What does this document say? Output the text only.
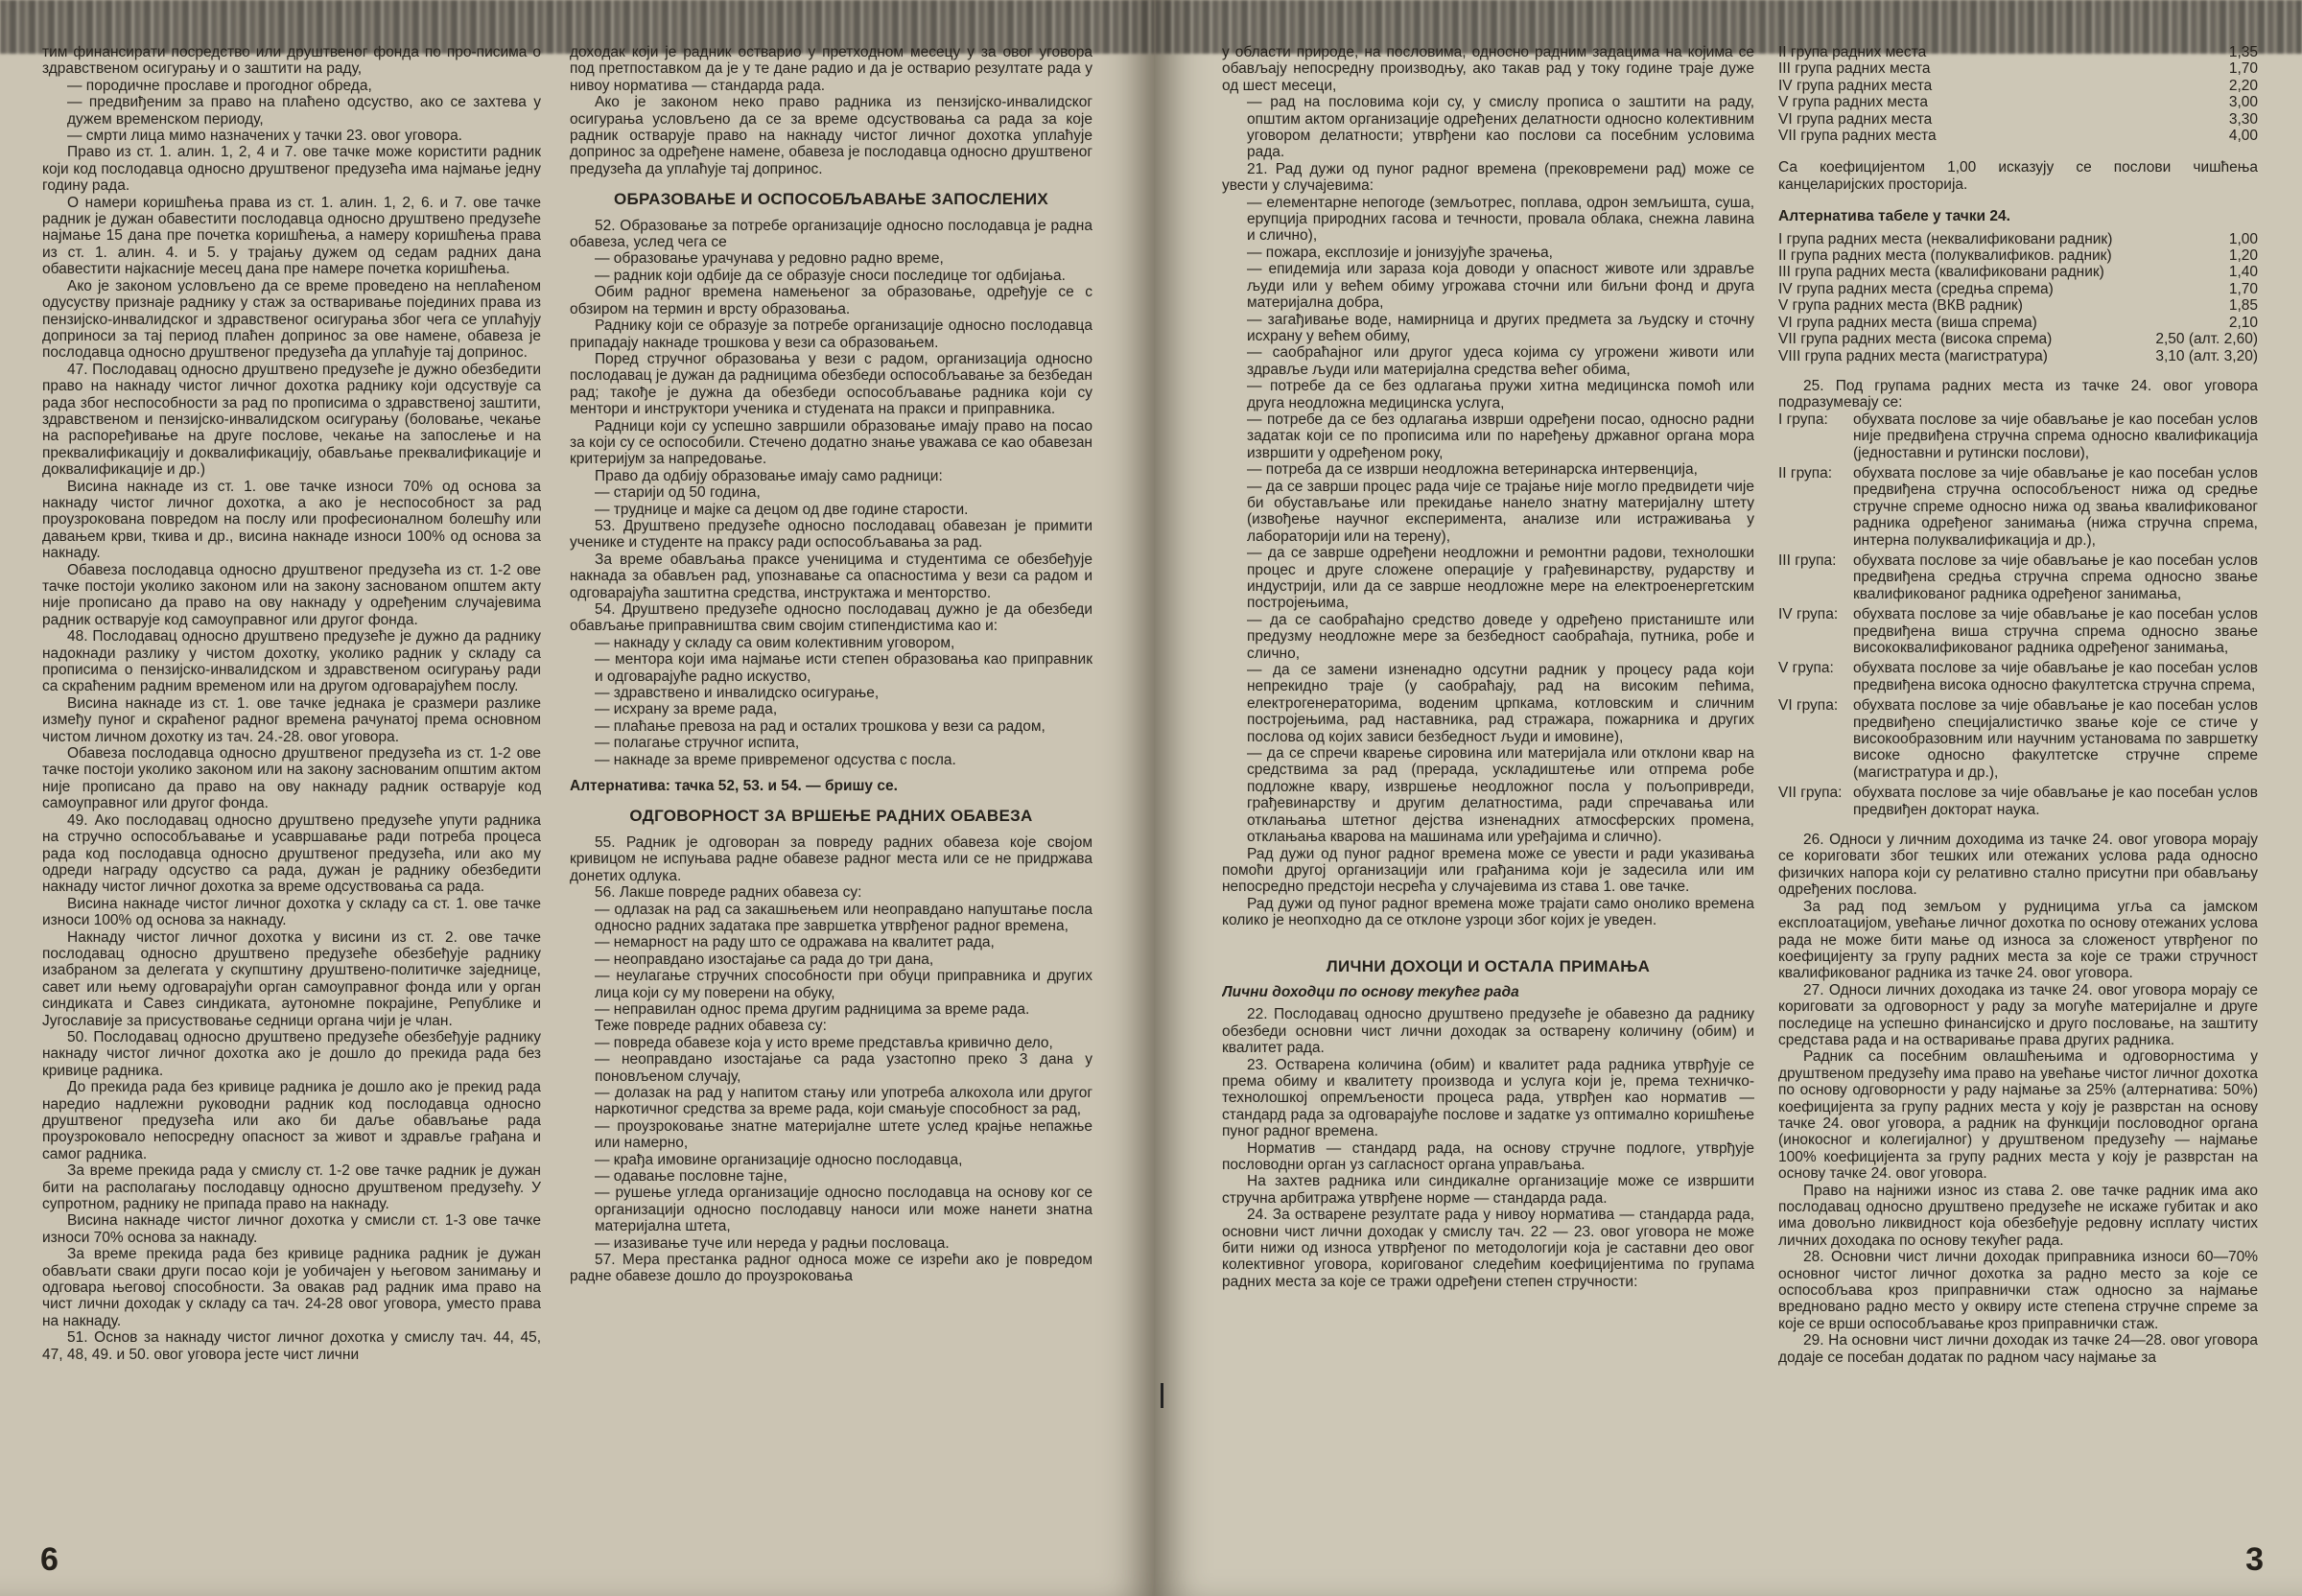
тим финансирати посредство или друштвеног фонда по про-писима о здравственом осигурању и о заштити на раду,

— породичне прославе и прогодног обреда,

— предвиђеним за право на плаћено одсуство, ако се захтева у дужем временском периоду,

— смрти лица мимо назначених у тачки 23. овог уговора.

Право из ст. 1. алин. 1, 2, 4 и 7. ове тачке може користити радник који код послодавца односно друштвеног предузећа има најмање једну годину рада.

О намери коришћења права из ст. 1. алин. 1, 2, 6. и 7. ове тачке радник је дужан обавестити послодавца односно друштвено предузеће најмање 15 дана пре почетка коришћења, а намеру коришћења права из ст. 1. алин. 4. и 5. у трајању дужем од седам радних дана обавестити најкасније месец дана пре намере почетка коришћења.

Ако је законом условљено да се време проведено на неплаћеном одусуству признаје раднику у стаж за остваривање појединих права из пензијско-инвалидског и здравственог осигурања због чега се уплаћују доприноси за тај период плаћен допринос за ове намене, обавеза је послодавца односно друштвеног предузећа да уплаћује тај допринос.

47. Послодавац односно друштвено предузеће је дужно обезбедити право на накнаду чистог личног дохотка раднику који одсуствује са рада због неспособности за рад по прописима о здравственој заштити, здравственом и пензијско-инвалидском осигурању (боловање, чекање на распоређивање на друге послове, чекање на запослење и на преквалификацију и доквалификацију, обављање преквалификације и доквалификације и др.)

Висина накнаде из ст. 1. ове тачке износи 70% од основа за накнаду чистог личног дохотка, а ако је неспособност за рад проузрокована повредом на послу или професионалном болешћу или давањем крви, ткива и др., висина накнаде износи 100% од основа за накнаду.

Обавеза послодавца односно друштвеног предузећа из ст. 1-2 ове тачке постоји уколико законом или на закону заснованом општем акту није прописано да право на ову накнаду у одређеним случајевима радник остварује код самоуправног или другог фонда.

48. Послодавац односно друштвено предузеће је дужно да раднику надокнади разлику у чистом дохотку, уколико радник у складу са прописима о пензијско-инвалидском и здравственом осигурању ради са скраћеним радним временом или на другом одговарајућем послу.

Висина накнаде из ст. 1. ове тачке једнака је сразмери разлике између пуног и скраћеног радног времена рачунатој према основном чистом личном дохотку из тач. 24.-28. овог уговора.

Обавеза послодавца односно друштвеног предузећа из ст. 1-2 ове тачке постоји уколико законом или на закону заснованим општим актом није прописано да право на ову накнаду радник остварује код самоуправног или другог фонда.

49. Ако послодавац односно друштвено предузеће упути радника на стручно оспособљавање и усавршавање ради потреба процеса рада код послодавца односно друштвеног предузећа, или ако му одреди награду одсуство са рада, дужан је раднику обезбедити накнаду чистог личног дохотка за време одсуствовања са рада.

Висина накнаде чистог личног дохотка у складу са ст. 1. ове тачке износи 100% од основа за накнаду.

Накнаду чистог личног дохотка у висини из ст. 2. ове тачке послодавац односно друштвено предузеће обезбеђује раднику изабраном за делегата у скупштину друштвено-политичке заједнице, савет или њему одговарајући орган самоуправног фонда или у орган синдиката и Савез синдиката, аутономне покрајине, Републике и Југославије за присуствовање седници органа чији је члан.

50. Послодавац односно друштвено предузеће обезбеђује раднику накнаду чистог личног дохотка ако је дошло до прекида рада без кривице радника.

До прекида рада без кривице радника је дошло ако је прекид рада наредио надлежни руководни радник код послодавца односно друштвеног предузећа или ако би даље обављање рада проузроковало непосредну опасност за живот и здравље грађана и самог радника.

За време прекида рада у смислу ст. 1-2 ове тачке радник је дужан бити на располагању послодавцу односно друштвеном предузећу. У супротном, раднику не припада право на накнаду.

Висина накнаде чистог личног дохотка у смисли ст. 1-3 ове тачке износи 70% основа за накнаду.

За време прекида рада без кривице радника радник је дужан обављати сваки други посао који је уобичајен у његовом занимању и одговара његовој способности. За овакав рад радник има право на чист лични доходак у складу са тач. 24-28 овог уговора, уместо права на накнаду.

51. Основ за накнаду чистог личног дохотка у смислу тач. 44, 45, 47, 48, 49. и 50. овог уговора јесте чист лични

доходак који је радник остварио у претходном месецу у за овог уговора под претпоставком да је у те дане радио и да је остварио резултате рада у нивоу норматива — стандарда рада.

Ако је законом неко право радника из пензијско-инвалидског осигурања условљено да се за време одсуствовања са рада за које радник остварује право на накнаду чистог личног дохотка уплаћује допринос за одређене намене, обавеза је послодавца односно друштвеног предузећа да уплаћује тај допринос.

ОБРАЗОВАЊЕ И ОСПОСОБЉАВАЊЕ ЗАПОСЛЕНИХ

52. Образовање за потребе организације односно послодавца је радна обавеза, услед чега се

— образовање урачунава у редовно радно време,

— радник који одбије да се образује сноси последице тог одбијања.

Обим радног времена намењеног за образовање, одређује се с обзиром на термин и врсту образовања.

Раднику који се образује за потребе организације односно послодавца припадају накнаде трошкова у вези са образовањем.

Поред стручног образовања у вези с радом, организација односно послодавац је дужан да радницима обезбеди оспособљавање за безбедан рад; такође је дужна да обезбеди оспособљавање радника који су ментори и инструктори ученика и студената на пракси и приправника.

Радници који су успешно завршили образовање имају право на посао за који су се оспособили. Стечено додатно знање уважава се као обавезан критеријум за напредовање.

Право да одбију образовање имају само радници:

— старији од 50 година,

— труднице и мајке са децом од две године старости.

53. Друштвено предузеће односно послодавац обавезан је примити ученике и студенте на праксу ради оспособљавања за рад.

За време обављања праксе ученицима и студентима се обезбеђује накнада за обављен рад, упознавање са опасностима у вези са радом и одговарајућа заштитна средства, инструктажа и менторство.

54. Друштвено предузеће односно послодавац дужно је да обезбеди обављање приправништва свим својим стипендистима као и:

— накнаду у складу са овим колективним уговором,

— ментора који има најмање исти степен образовања као приправник и одговарајуће радно искуство,

— здравствено и инвалидско осигурање,

— исхрану за време рада,

— плаћање превоза на рад и осталих трошкова у вези са радом,

— полагање стручног испита,

— накнаде за време привременог одсуства с посла.

Алтернатива: тачка 52, 53. и 54. — бришу се.

ОДГОВОРНОСТ ЗА ВРШЕЊЕ РАДНИХ ОБАВЕЗА

55. Радник је одговоран за повреду радних обавеза које својом кривицом не испуњава радне обавезе радног места или се не придржава донетих одлука.

56. Лакше повреде радних обавеза су:

— одлазак на рад са закашњењем или неоправдано напуштање посла односно радних задатака пре завршетка утврђеног радног времена,

— немарност на раду што се одражава на квалитет рада,

— неоправдано изостајање са рада до три дана,

— неулагање стручних способности при обуци приправника и других лица који су му поверени на обуку,

— неправилан однос према другим радницима за време рада.

Теже повреде радних обавеза су:

— повреда обавезе која у исто време представља кривично дело,

— неоправдано изостајање са рада узастопно преко 3 дана у поновљеном случају,

— долазак на рад у напитом стању или употреба алкохола или другог наркотичног средства за време рада, који смањује способност за рад,

— проузроковање знатне материјалне штете услед крајње непажње или намерно,

— крађа имовине организације односно послодавца,

— одавање пословне тајне,

— рушење угледа организације односно послодавца на основу ког се организацији односно послодавцу наноси или може нанети знатна материјална штета,

— изазивање туче или нереда у радњи пословаца.

57. Мера престанка радног односа може се изрећи ако је повредом радне обавезе дошло до проузроковања

6

у области природе, на пословима, односно радним задацима на којима се обављају непосредну производњу, ако такав рад у току године траје дуже од шест месеци,

— рад на пословима који су, у смислу прописа о заштити на раду, општим актом организације одређених делатности односно колективним уговором делатности; утврђени као послови са посебним условима рада.

21. Рад дужи од пуног радног времена (прековремени рад) може се увести у случајевима:

— елементарне непогоде (земљотрес, поплава, одрон земљишта, суша, ерупција природних гасова и течности, провала облака, снежна лавина и слично),

— пожара, експлозије и јонизујуће зрачења,

— епидемија или заразa која доводи у опасност животе или здравље људи или у већем обиму угрожава сточни или биљни фонд и друга материјална добра,

— загађивање воде, намирница и других предмета за људску и сточну исхрану у већем обиму,

— саобраћајног или другог удеса којима су угрожени животи или здравље људи или материјална средства већег обима,

— потребе да се без одлагања пружи хитна медицинска помоћ или друга неодложна медицинска услуга,

— потребе да се без одлагања изврши одређени посао, односно радни задатак који се по прописима или по наређењу државног органа мора извршити у одређеном року,

— потреба да се изврши неодложна ветеринарска интервенција,

— да се заврши процес рада чије се трајање није могло предвидети чије би обустављање или прекидање нанело знатну материјалну штету (извођење научног експеримента, анализе или истраживања у лабораторији или на терену),

— да се заврше одређени неодложни и ремонтни радови, технолошки процес и друге сложене операције у грађевинарству, рударству и индустрији, или да се заврше неодложне мере на електроенергетским постројењима,

— да се саобраћајно средство доведе у одређено пристаниште или предузму неодложне мере за безбедност саобраћаја, путника, робе и слично,

— да се замени изненадно одсутни радник у процесу рада који непрекидно траје (у саобраћају, рад на високим пећима, електрогенераторима, воденим црпкама, котловским и сличним постројењима, рад наставника, рад стражара, пожарника и других послова од којих зависи безбедност људи и имовине),

— да се спречи кварење сировина или материјала или отклони квар на средствима за рад (прерада, ускладиштење или отпрема робе подложне квару, извршење неодложног посла у пољопривреди, грађевинарству и другим делатностима, ради спречавања или отклањања штетног дејства изненадних атмосферских промена, отклањања кварова на машинама или уређајима и слично).

Рад дужи од пуног радног времена може се увести и ради указивања помоћи другој организацији или грађанима који је задесила или им непосредно предстоји несрећа у случајевима из става 1. ове тачке.

Рад дужи од пуног радног времена може трајати само онолико времена колико је неопходно да се отклоне узроци због којих је уведен.

ЛИЧНИ ДОХОЦИ И ОСТАЛА ПРИМАЊА

Лични доходци по основу текућег рада

22. Послодавац односно друштвено предузеће је обавезно да раднику обезбеди основни чист лични доходак за остварену количину (обим) и квалитет рада.

23. Остварена количина (обим) и квалитет рада радника утврђује се према обиму и квалитету производа и услуга који је, према техничко-технолошкој опремљености процеса рада, утврђен као норматив — стандард рада за одговарајуће послове и задатке уз оптимално коришћење пуног радног времена.

Норматив — стандард рада, на основу стручне подлоге, утврђује пословодни орган уз сагласност органа управљања.

На захтев радника или синдикалне организације може се извршити стручна арбитража утврђене норме — стандарда рада.

24. За остварене резултате рада у нивоу норматива — стандарда рада, основни чист лични доходак у смислу тач. 22 — 23. овог уговора не може бити нижи од износа утврђеног по методологији која је саставни део овог колективног уговора, коригованог следећим коефицијентима по групама радних места за које се тражи одређени степен стручности:

II група радних места	1,35
III група радних места	1,70
IV група радних места	2,20
V група радних места	3,00
VI група радних места	3,30
VII група радних места	4,00

Са коефицијентом 1,00 исказују се послови чишћења канцеларијских просторија.

Алтернатива табеле у тачки 24.

I група радних места (неквалификовани радник)	1,00
II група радних места (полуквалификов. радник)	1,20
III група радних места (квалификовани радник)	1,40
IV група радних места (средња спрема)	1,70
V група радних места (ВКВ радник)	1,85
VI група радних места (виша спрема)	2,10
VII група радних места (висока спрема)	2,50 (алт. 2,60)
VIII група радних места (магистратура)	3,10 (алт. 3,20)

25. Под групама радних места из тачке 24. овог уговора подразумевају се:

I група:	обухвата послове за чије обављање је као посебан услов није предвиђена стручна спрема односно квалификација (једноставни и рутински послови),
II група:	обухвата послове за чије обављање је као посебан услов предвиђена стручна оспособљеност нижа од средње стручне спреме односно нижа од звања квалификованог радника одређеног занимања (нижа стручна спрема, интерна полуквалификација и др.),
III група:	обухвата послове за чије обављање је као посебан услов предвиђена средња стручна спрема односно звање квалификованог радника одређеног занимања,
IV група:	обухвата послове за чије обављање је као посебан услов предвиђена виша стручна спрема односно звање висококвалификованог радника одређеног занимања,
V група:	обухвата послове за чије обављање је као посебан услов предвиђена висока односно факултетска стручна спрема,
VI група:	обухвата послове за чије обављање је као посебан услов предвиђено специјалистичко звање које се стиче у високообразовним или научним установама по завршетку високе односно факултетске стручне спреме (магистратура и др.),
VII група:	обухвата послове за чије обављање је као посебан услов предвиђен докторат наука.

26. Односи у личним доходима из тачке 24. овог уговора морају се кориговати због тешких или отежаних услова рада односно физичких напора који су релативно стално присутни при обављању одређених послова.

За рад под земљом у рудницима угља са јамском експлоатацијом, увећање личног дохотка по основу отежаних услова рада не може бити мање од износа за сложеност утврђеног по коефицијенту за групу радних места за које се тражи стручност квалификованог радника из тачке 24. овог уговора.

27. Односи личних доходака из тачке 24. овог уговора морају се кориговати за одговорност у раду за могуће материјалне и друге последице на успешно финансијско и друго пословање, на заштиту средстава рада и на остваривање права других радника.

Радник са посебним овлашћењима и одговорностима у друштвеном предузећу има право на увећање чистог личног дохотка по основу одговорности у раду најмање за 25% (алтернатива: 50%) коефицијента за групу радних места у коју је разврстан на основу тачке 24. овог уговора, а радник на функцији пословодног органа (инокосног и колегијалног) у друштвеном предузећу — најмање 100% коефицијента за групу радних места у коју је разврстан на основу тачке 24. овог уговора.

Право на најнижи износ из става 2. ове тачке радник има ако послодавац односно друштвено предузеће не искаже губитак и ако има довољно ликвидност која обезбеђује редовну исплату чистих личних доходака по основу текућег рада.

28. Основни чист лични доходак приправника износи 60—70% основног чистог личног дохотка за радно место за које се оспособљава кроз приправнички стаж односно за најмање вредновано радно место у оквиру исте степена стручне спреме за које се врши оспособљавање кроз приправнички стаж.

29. На основни чист лични доходак из тачке 24—28. овог уговора додаје се посебан додатак по радном часу најмање за

3
